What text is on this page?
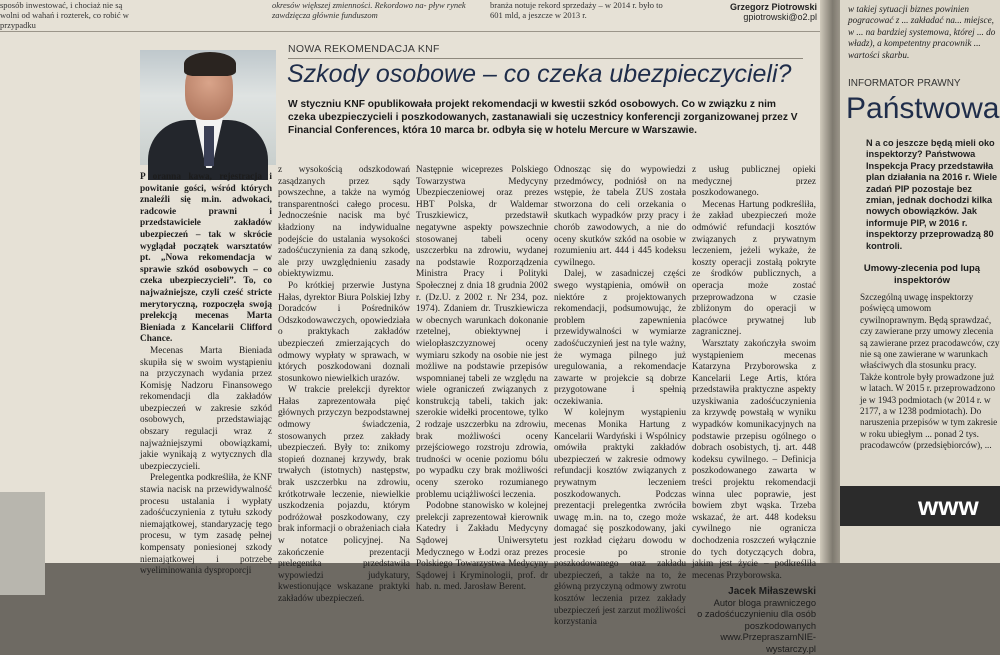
sposób inwestować, i chociaż nie są wolni od wahań i rozterek, co robić w przypadku
okresów większej zmienności. Rekordowo na- pływ rynek zawdzięcza głównie funduszom
branża notuje rekord sprzedaży – w 2014 r. było to 601 mld, a jeszcze w 2013 r.
Grzegorz Piotrowski
gpiotrowski@o2.pl
NOWA REKOMENDACJA KNF
Szkody osobowe – co czeka ubezpieczycieli?
W styczniu KNF opublikowała projekt rekomendacji w kwestii szkód osobowych. Co w związku z nim czeka ubezpieczycieli i poszkodowanych, zastanawiali się uczestnicy konferencji zorganizowanej przez V Financial Conferences, która 10 marca br. odbyła się w hotelu Mercure w Warszawie.

P oranna kawa, rejestracja i powitanie gości, wśród których znaleźli się m.in. adwokaci, radcowie prawni i przedstawiciele zakładów ubezpieczeń – tak w skrócie wyglądał początek warsztatów pt. „Nowa rekomendacja w sprawie szkód osobowych – co czeka ubezpieczycieli”. To, co najważniejsze, czyli cześć stricte merytoryczną, rozpoczęła swoją prelekcją mecenas Marta Bieniada z Kancelarii Clifford Chance.

Mecenas Marta Bieniada skupiła się w swoim wystąpieniu na przyczynach wydania przez Komisję Nadzoru Finansowego rekomendacji dla zakładów ubezpieczeń w zakresie szkód osobowych, przedstawiając obszary regulacji wraz z najważniejszymi obowiązkami, jakie wynikają z wytycznych dla ubezpieczycieli.

Prelegentka podkreśliła, że KNF stawia nacisk na przewidywalność procesu ustalania i wypłaty zadośćuczynienia z tytułu szkody niemajątkowej, standaryzację tego procesu, w tym zasadę pełnej kompensaty poniesionej szkody niemajątkowej i potrzebę wyeliminowania dysproporcji

z wysokością odszkodowań zasądzanych przez sądy powszechne, a także na wymóg transparentności całego procesu. Jednocześnie nacisk ma być kładziony na indywidualne podejście do ustalania wysokości zadośćuczynienia za daną szkodę, ale przy uwzględnieniu zasady obiektywizmu.

Po krótkiej przerwie Justyna Hałas, dyrektor Biura Polskiej Izby Doradców i Pośredników Odszkodowawczych, opowiedziała o praktykach zakładów ubezpieczeń zmierzających do odmowy wypłaty w sprawach, w których poszkodowani doznali stosunkowo niewielkich urazów.

W trakcie prelekcji dyrektor Hałas zaprezentowała pięć głównych przyczyn bezpodstawnej odmowy świadczenia, stosowanych przez zakłady ubezpieczeń. Były to: znikomy stopień doznanej krzywdy, brak trwałych (istotnych) następstw, brak uszczerbku na zdrowiu, krótkotrwałe leczenie, niewielkie uszkodzenia pojazdu, którym podróżował poszkodowany, czy brak informacji o obrażeniach ciała w notatce policyjnej. Na zakończenie prezentacji prelegentka przedstawiła wypowiedzi judykatury, kwestionujące wskazane praktyki zakładów ubezpieczeń.

Następnie wiceprezes Polskiego Towarzystwa Medycyny Ubezpieczeniowej oraz prezes HBT Polska, dr Waldemar Truszkiewicz, przedstawił negatywne aspekty powszechnie stosowanej tabeli oceny uszczerbku na zdrowiu, wydanej na podstawie Rozporządzenia Ministra Pracy i Polityki Społecznej z dnia 18 grudnia 2002 r. (Dz.U. z 2002 r. Nr 234, poz. 1974). Zdaniem dr. Truszkiewicza w obecnych warunkach dokonanie rzetelnej, obiektywnej i wielopłaszczyznowej oceny wymiaru szkody na osobie nie jest możliwe na podstawie przepisów wspomnianej tabeli ze względu na wiele ograniczeń związanych z konstrukcją tabeli, takich jak: szerokie widełki procentowe, tylko 2 rodzaje uszczerbku na zdrowiu, brak możliwości oceny przejściowego rozstroju zdrowia, trudności w ocenie poziomu bólu po wypadku czy brak możliwości oceny szeroko rozumianego problemu uciążliwości leczenia.

Podobne stanowisko w kolejnej prelekcji zaprezentował kierownik Katedry i Zakładu Medycyny Sądowej Uniwersytetu Medycznego w Łodzi oraz prezes Polskiego Towarzystwa Medycyny Sądowej i Kryminologii, prof. dr hab. n. med. Jarosław Berent.

Odnosząc się do wypowiedzi przedmówcy, podniósł on na wstępie, że tabela ZUS została stworzona do celi orzekania o skutkach wypadków przy pracy i chorób zawodowych, a nie do oceny skutków szkód na osobie w rozumieniu art. 444 i 445 kodeksu cywilnego.

Dalej, w zasadniczej części swego wystąpienia, omówił on niektóre z projektowanych rekomendacji, podsumowując, że problem zapewnienia przewidywalności w wymiarze zadośćuczynień jest na tyle ważny, że wymaga pilnego już uregulowania, a rekomendacje zawarte w projekcie są dobrze przygotowane i spełnią oczekiwania.

W kolejnym wystąpieniu mecenas Monika Hartung z Kancelarii Wardyński i Wspólnicy omówiła praktyki zakładów ubezpieczeń w zakresie odmowy refundacji kosztów związanych z prywatnym leczeniem poszkodowanych. Podczas prezentacji prelegentka zwróciła uwagę m.in. na to, czego może domagać się poszkodowany, jaki jest rozkład ciężaru dowodu w procesie po stronie poszkodowanego oraz zakładu ubezpieczeń, a także na to, że główną przyczyną odmowy zwrotu kosztów leczenia przez zakłady ubezpieczeń jest zarzut możliwości korzystania

z usług publicznej opieki medycznej przez poszkodowanego.

Mecenas Hartung podkreśliła, że zakład ubezpieczeń może odmówić refundacji kosztów związanych z prywatnym leczeniem, jeżeli wykaże, że koszty operacji zostałą pokryte ze środków publicznych, a operacja może zostać przeprowadzona w czasie zbliżonym do operacji w placówce prywatnej lub zagranicznej.

Warsztaty zakończyła swoim wystąpieniem mecenas Katarzyna Przyborowska z Kancelarii Lege Artis, która przedstawiła praktyczne aspekty uzyskiwania zadośćuczynienia za krzywdę powstałą w wyniku wypadków komunikacyjnych na podstawie przepisu ogólnego o dobrach osobistych, tj. art. 448 kodeksu cywilnego. – Definicja poszkodowanego zawarta w treści projektu rekomendacji winna ulec poprawie, jest bowiem zbyt wąska. Trzeba wskazać, że art. 448 kodeksu cywilnego nie ogranicza dochodzenia roszczeń wyłącznie do tych dotyczących dobra, jakim jest życie – podkreśliła mecenas Przyborowska.

Jacek Miłaszewski
Autor bloga prawniczego
o zadośćuczynieniu dla osób
poszkodowanych
www.PrzepraszamNIE-
wystarczy.pl
w takiej sytuacji biznes powinien pogracować z ... zakładać na... miejsce, w ... na bardziej systemowa, której ... do władz), a kompetentny pracownik ... wartości skarbu.
INFORMATOR PRAWNY
Państwowa
N a co jeszcze będą mieli oko inspektorzy? Państwowa Inspekcja Pracy przedstawiła plan działania na 2016 r. Wiele zadań PIP pozostaje bez zmian, jednak dochodzi kilka nowych obowiązków. Jak informuje PIP, w 2016 r. inspektorzy przeprowadzą 80 kontroli.
Umowy-zlecenia pod lupą inspektorów
Szczególną uwagę inspektorzy poświęcą umowom cywilnoprawnym. Będą sprawdzać, czy zawierane przy umowy zlecenia są zawierane przez pracodawców, czy nie są one zawierane w warunkach właściwych dla stosunku pracy. Także kontrole były prowadzone już w latach. W 2015 r. przeprowadzono je w 1943 podmiotach (w 2014 r. w 2177, a w 1238 podmiotach). Do naruszenia przepisów w tym zakresie w roku ubiegłym ... ponad 2 tys. pracodawców (przedsiębiorców), ...
www
